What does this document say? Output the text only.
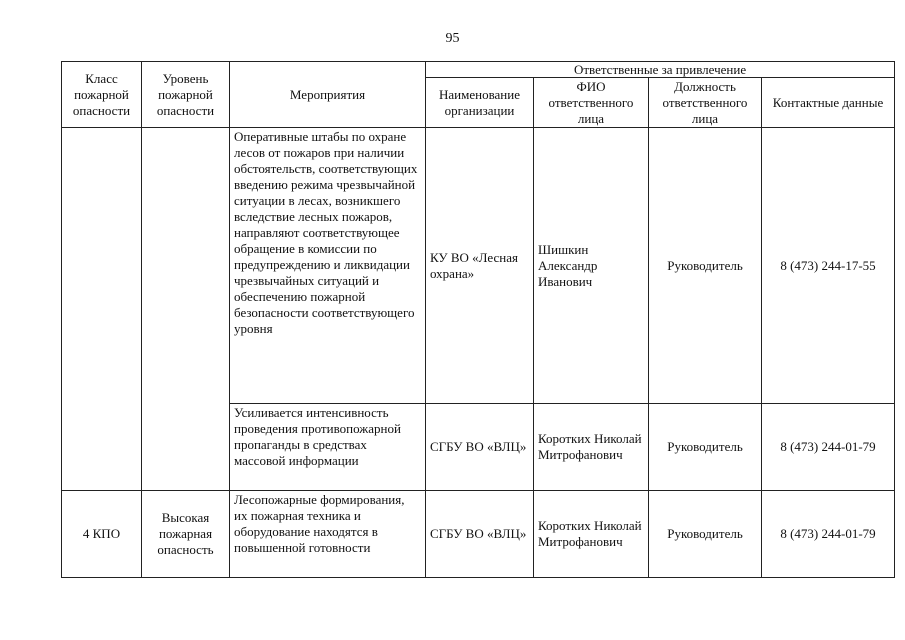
95
Класс пожарной опасности	Уровень пожарной опасности	Мероприятия	Ответственные за привлечение			
			Наименование организации	ФИО ответственного лица	Должность ответственного лица	Контактные данные
		Оперативные штабы по охране лесов от пожаров при наличии обстоятельств, соответствующих введению режима чрезвычайной ситуации в лесах, возникшего вследствие лесных пожаров, направляют соответствующее обращение в комиссии по предупреждению и ликвидации чрезвычайных ситуаций и обеспечению пожарной безопасности соответствующего уровня	КУ ВО «Лесная охрана»	Шишкин Александр Иванович	Руководитель	8 (473) 244-17-55
		Усиливается интенсивность проведения противопожарной пропаганды в средствах массовой информации	СГБУ ВО «ВЛЦ»	Коротких Николай Митрофанович	Руководитель	8 (473) 244-01-79
4 КПО	Высокая пожарная опасность	Лесопожарные формирования, их пожарная техника и оборудование находятся в повышенной готовности	СГБУ ВО «ВЛЦ»	Коротких Николай Митрофанович	Руководитель	8 (473) 244-01-79
